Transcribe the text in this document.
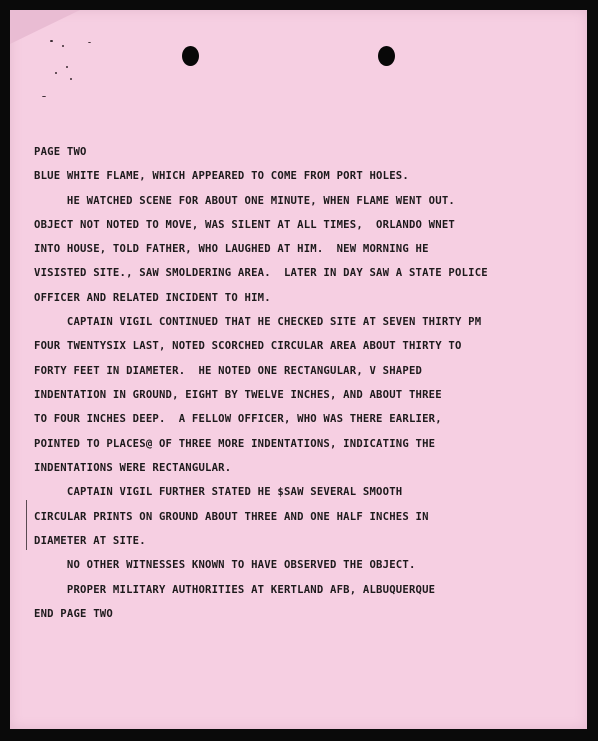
PAGE TWO
BLUE WHITE FLAME, WHICH APPEARED TO COME FROM PORT HOLES.
HE WATCHED SCENE FOR ABOUT ONE MINUTE, WHEN FLAME WENT OUT.
OBJECT NOT NOTED TO MOVE, WAS SILENT AT ALL TIMES,  ORLANDO WNET
INTO HOUSE, TOLD FATHER, WHO LAUGHED AT HIM.  NEW MORNING HE
VISISTED SITE., SAW SMOLDERING AREA.  LATER IN DAY SAW A STATE POLICE
OFFICER AND RELATED INCIDENT TO HIM.
CAPTAIN VIGIL CONTINUED THAT HE CHECKED SITE AT SEVEN THIRTY PM
FOUR TWENTYSIX LAST, NOTED SCORCHED CIRCULAR AREA ABOUT THIRTY TO
FORTY FEET IN DIAMETER.  HE NOTED ONE RECTANGULAR, V SHAPED
INDENTATION IN GROUND, EIGHT BY TWELVE INCHES, AND ABOUT THREE
TO FOUR INCHES DEEP.  A FELLOW OFFICER, WHO WAS THERE EARLIER,
POINTED TO PLACES@ OF THREE MORE INDENTATIONS, INDICATING THE
INDENTATIONS WERE RECTANGULAR.
CAPTAIN VIGIL FURTHER STATED HE $SAW SEVERAL SMOOTH
CIRCULAR PRINTS ON GROUND ABOUT THREE AND ONE HALF INCHES IN
DIAMETER AT SITE.
NO OTHER WITNESSES KNOWN TO HAVE OBSERVED THE OBJECT.
PROPER MILITARY AUTHORITIES AT KERTLAND AFB, ALBUQUERQUE
END PAGE TWO
